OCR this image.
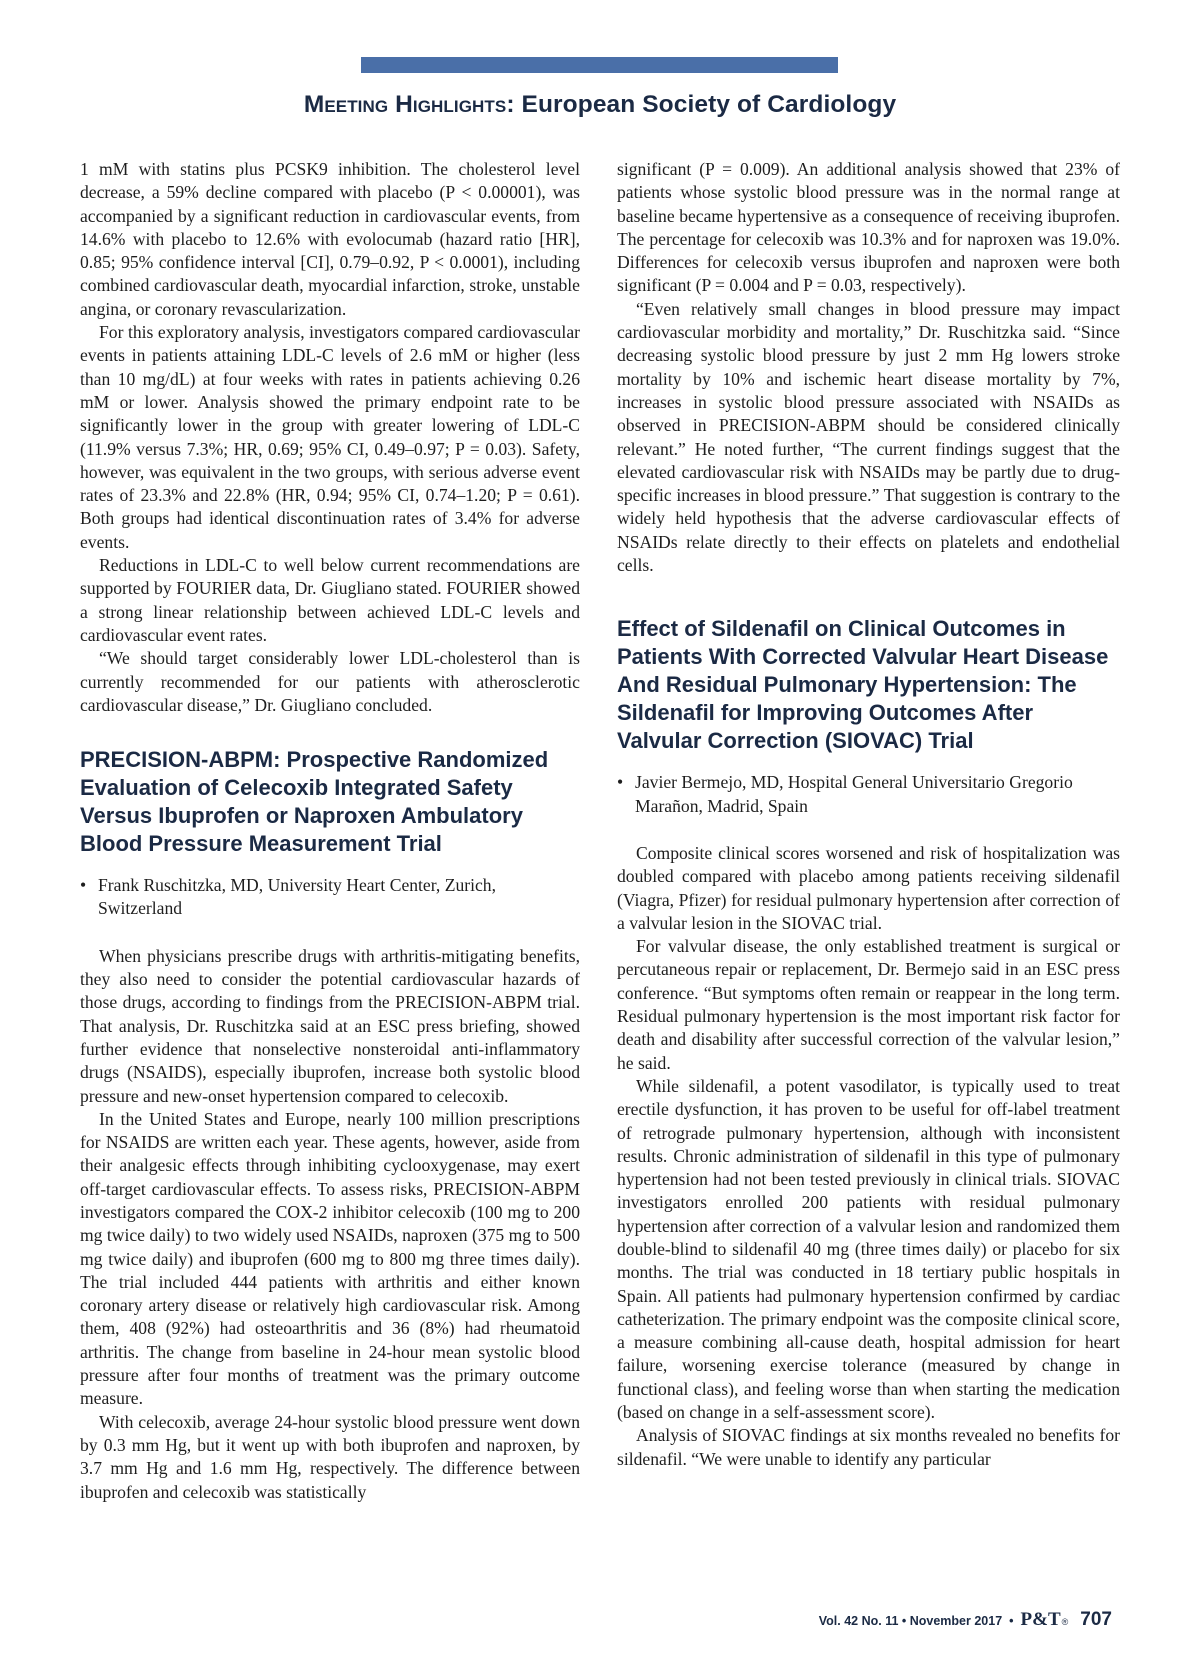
Meeting Highlights: European Society of Cardiology

1 mM with statins plus PCSK9 inhibition. The cholesterol level decrease, a 59% decline compared with placebo (P < 0.00001), was accompanied by a significant reduction in cardiovascular events, from 14.6% with placebo to 12.6% with evolocumab (hazard ratio [HR], 0.85; 95% confidence interval [CI], 0.79–0.92, P < 0.0001), including combined cardiovascular death, myocardial infarction, stroke, unstable angina, or coronary revascularization.

For this exploratory analysis, investigators compared cardiovascular events in patients attaining LDL-C levels of 2.6 mM or higher (less than 10 mg/dL) at four weeks with rates in patients achieving 0.26 mM or lower. Analysis showed the primary endpoint rate to be significantly lower in the group with greater lowering of LDL-C (11.9% versus 7.3%; HR, 0.69; 95% CI, 0.49–0.97; P = 0.03). Safety, however, was equivalent in the two groups, with serious adverse event rates of 23.3% and 22.8% (HR, 0.94; 95% CI, 0.74–1.20; P = 0.61). Both groups had identical discontinuation rates of 3.4% for adverse events.

Reductions in LDL-C to well below current recommendations are supported by FOURIER data, Dr. Giugliano stated. FOURIER showed a strong linear relationship between achieved LDL-C levels and cardiovascular event rates.

“We should target considerably lower LDL-cholesterol than is currently recommended for our patients with atherosclerotic cardiovascular disease,” Dr. Giugliano concluded.

PRECISION-ABPM: Prospective Randomized Evaluation of Celecoxib Integrated Safety Versus Ibuprofen or Naproxen Ambulatory Blood Pressure Measurement Trial
• Frank Ruschitzka, MD, University Heart Center, Zurich, Switzerland

When physicians prescribe drugs with arthritis-mitigating benefits, they also need to consider the potential cardiovascular hazards of those drugs, according to findings from the PRECISION-ABPM trial. That analysis, Dr. Ruschitzka said at an ESC press briefing, showed further evidence that nonselective nonsteroidal anti-inflammatory drugs (NSAIDS), especially ibuprofen, increase both systolic blood pressure and new-onset hypertension compared to celecoxib.

In the United States and Europe, nearly 100 million prescriptions for NSAIDS are written each year. These agents, however, aside from their analgesic effects through inhibiting cyclooxygenase, may exert off-target cardiovascular effects. To assess risks, PRECISION-ABPM investigators compared the COX-2 inhibitor celecoxib (100 mg to 200 mg twice daily) to two widely used NSAIDs, naproxen (375 mg to 500 mg twice daily) and ibuprofen (600 mg to 800 mg three times daily). The trial included 444 patients with arthritis and either known coronary artery disease or relatively high cardiovascular risk. Among them, 408 (92%) had osteoarthritis and 36 (8%) had rheumatoid arthritis. The change from baseline in 24-hour mean systolic blood pressure after four months of treatment was the primary outcome measure.

With celecoxib, average 24-hour systolic blood pressure went down by 0.3 mm Hg, but it went up with both ibuprofen and naproxen, by 3.7 mm Hg and 1.6 mm Hg, respectively. The difference between ibuprofen and celecoxib was statistically

significant (P = 0.009). An additional analysis showed that 23% of patients whose systolic blood pressure was in the normal range at baseline became hypertensive as a consequence of receiving ibuprofen. The percentage for celecoxib was 10.3% and for naproxen was 19.0%. Differences for celecoxib versus ibuprofen and naproxen were both significant (P = 0.004 and P = 0.03, respectively).

“Even relatively small changes in blood pressure may impact cardiovascular morbidity and mortality,” Dr. Ruschitzka said. “Since decreasing systolic blood pressure by just 2 mm Hg lowers stroke mortality by 10% and ischemic heart disease mortality by 7%, increases in systolic blood pressure associated with NSAIDs as observed in PRECISION-ABPM should be considered clinically relevant.” He noted further, “The current findings suggest that the elevated cardiovascular risk with NSAIDs may be partly due to drug-specific increases in blood pressure.” That suggestion is contrary to the widely held hypothesis that the adverse cardiovascular effects of NSAIDs relate directly to their effects on platelets and endothelial cells.

Effect of Sildenafil on Clinical Outcomes in Patients With Corrected Valvular Heart Disease And Residual Pulmonary Hypertension: The Sildenafil for Improving Outcomes After Valvular Correction (SIOVAC) Trial
• Javier Bermejo, MD, Hospital General Universitario Gregorio Marañon, Madrid, Spain

Composite clinical scores worsened and risk of hospitalization was doubled compared with placebo among patients receiving sildenafil (Viagra, Pfizer) for residual pulmonary hypertension after correction of a valvular lesion in the SIOVAC trial.

For valvular disease, the only established treatment is surgical or percutaneous repair or replacement, Dr. Bermejo said in an ESC press conference. “But symptoms often remain or reappear in the long term. Residual pulmonary hypertension is the most important risk factor for death and disability after successful correction of the valvular lesion,” he said.

While sildenafil, a potent vasodilator, is typically used to treat erectile dysfunction, it has proven to be useful for off-label treatment of retrograde pulmonary hypertension, although with inconsistent results. Chronic administration of sildenafil in this type of pulmonary hypertension had not been tested previously in clinical trials. SIOVAC investigators enrolled 200 patients with residual pulmonary hypertension after correction of a valvular lesion and randomized them double-blind to sildenafil 40 mg (three times daily) or placebo for six months. The trial was conducted in 18 tertiary public hospitals in Spain. All patients had pulmonary hypertension confirmed by cardiac catheterization. The primary endpoint was the composite clinical score, a measure combining all-cause death, hospital admission for heart failure, worsening exercise tolerance (measured by change in functional class), and feeling worse than when starting the medication (based on change in a self-assessment score).

Analysis of SIOVAC findings at six months revealed no benefits for sildenafil. “We were unable to identify any particular

Vol. 42 No. 11 • November 2017 • P&T ® 707
